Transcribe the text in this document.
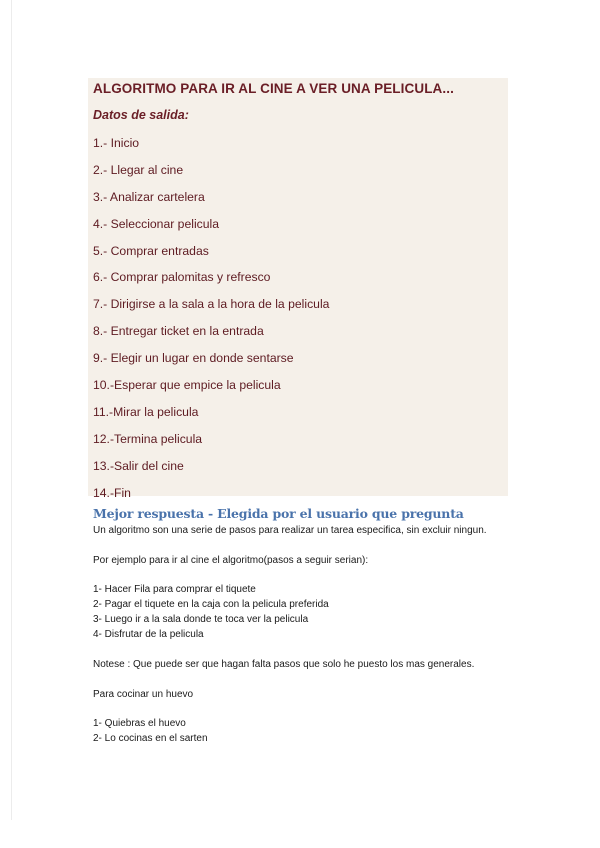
ALGORITMO PARA IR AL CINE A VER UNA PELICULA...
Datos de salida:
1.- Inicio
2.- Llegar al cine
3.- Analizar cartelera
4.- Seleccionar pelicula
5.- Comprar entradas
6.- Comprar palomitas y refresco
7.- Dirigirse a la sala a la hora de la pelicula
8.- Entregar ticket en la entrada
9.- Elegir un lugar en donde sentarse
10.-Esperar que empice la pelicula
11.-Mirar la pelicula
12.-Termina pelicula
13.-Salir del cine
14.-Fin
Mejor respuesta - Elegida por el usuario que pregunta

Un algoritmo son una serie de pasos para realizar un tarea especifica, sin excluir ningun.

Por ejemplo para ir al cine el algoritmo(pasos a seguir serian):

1- Hacer Fila para comprar el tiquete

2- Pagar el tiquete en la caja con la pelicula preferida

3- Luego ir a la sala donde te toca ver la pelicula

4- Disfrutar de la pelicula

Notese : Que puede ser que hagan falta pasos que solo he puesto los mas generales.

Para cocinar un huevo

1- Quiebras el huevo

2- Lo cocinas en el sarten
